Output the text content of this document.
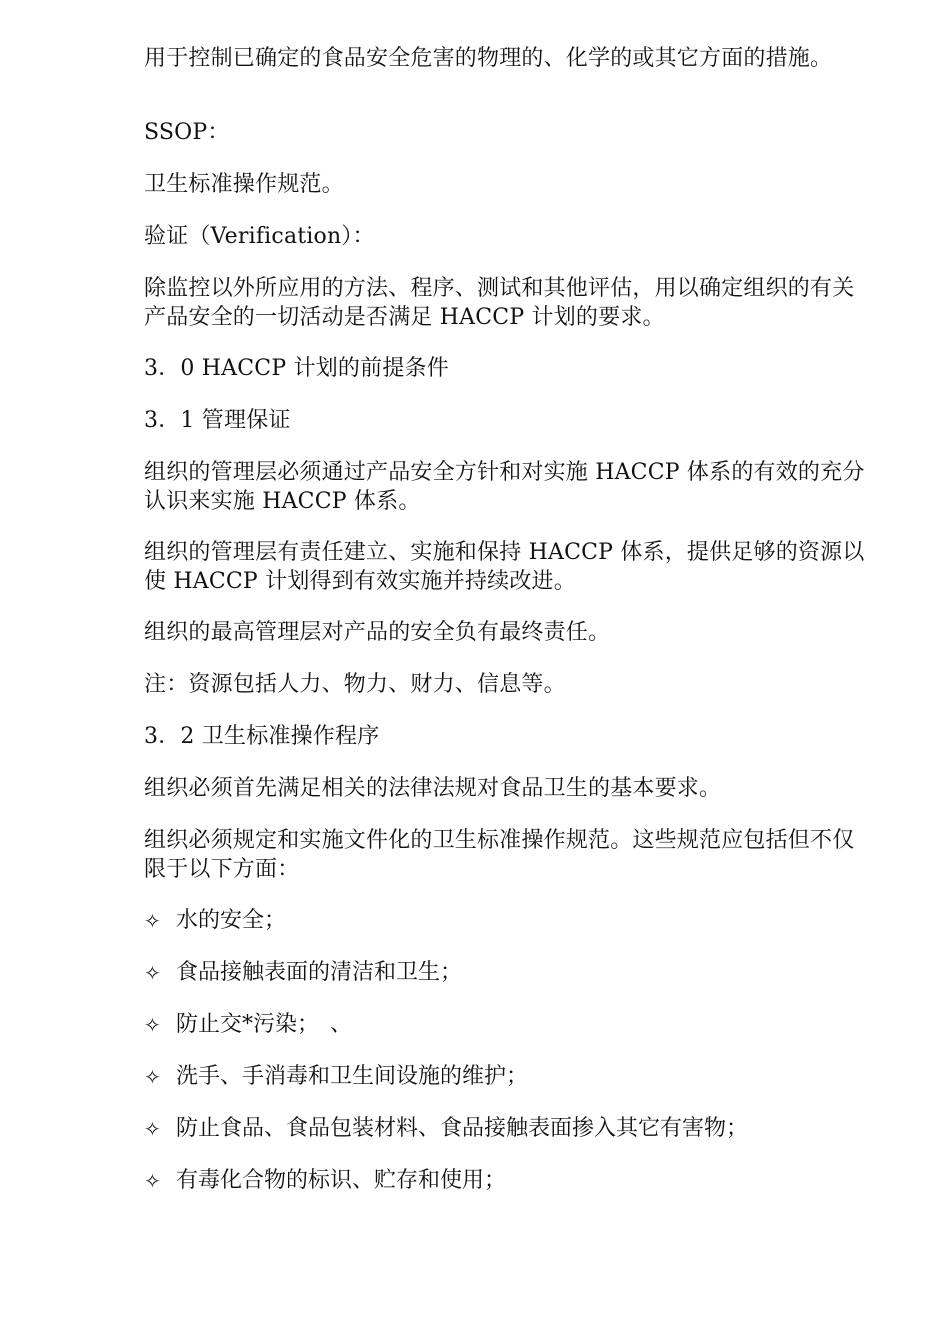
用于控制已确定的食品安全危害的物理的、化学的或其它方面的措施。

SSOP：

卫生标准操作规范。

验证（Verification）：

除监控以外所应用的方法、程序、测试和其他评估，用以确定组织的有关产品安全的一切活动是否满足 HACCP 计划的要求。

3．0 HACCP 计划的前提条件

3．1 管理保证

组织的管理层必须通过产品安全方针和对实施 HACCP 体系的有效的充分认识来实施 HACCP 体系。

组织的管理层有责任建立、实施和保持 HACCP 体系，提供足够的资源以使 HACCP 计划得到有效实施并持续改进。

组织的最高管理层对产品的安全负有最终责任。

注：资源包括人力、物力、财力、信息等。

3．2 卫生标准操作程序

组织必须首先满足相关的法律法规对食品卫生的基本要求。

组织必须规定和实施文件化的卫生标准操作规范。这些规范应包括但不仅限于以下方面：

✧ 水的安全；
✧ 食品接触表面的清洁和卫生；
✧ 防止交*污染；　、
✧ 洗手、手消毒和卫生间设施的维护；
✧ 防止食品、食品包装材料、食品接触表面掺入其它有害物；
✧ 有毒化合物的标识、贮存和使用；
